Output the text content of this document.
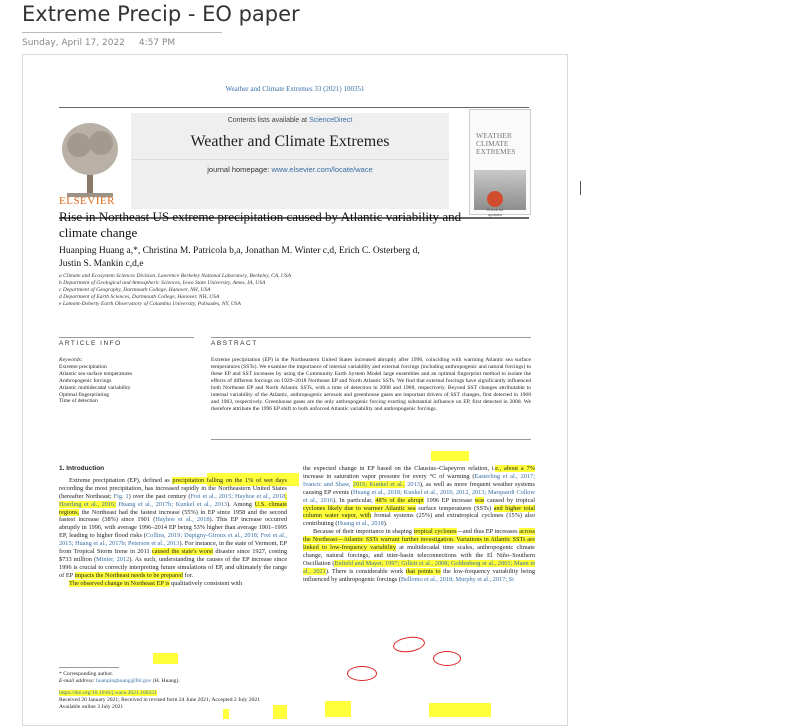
Extreme Precip - EO paper
Sunday, April 17, 2022 4:57 PM
Weather and Climate Extremes 33 (2021) 100351
ELSEVIER
Contents lists available at ScienceDirect
Weather and Climate Extremes
journal homepage: www.elsevier.com/locate/wace
WEATHER
CLIMATE
EXTREMES
Rise in Northeast US extreme precipitation caused by Atlantic variability and climate change
Check for updates
Huanping Huang a,*, Christina M. Patricola b,a, Jonathan M. Winter c,d, Erich C. Osterberg d,
Justin S. Mankin c,d,e
a Climate and Ecosystem Sciences Division, Lawrence Berkeley National Laboratory, Berkeley, CA, USA
b Department of Geological and Atmospheric Sciences, Iowa State University, Ames, IA, USA
c Department of Geography, Dartmouth College, Hanover, NH, USA
d Department of Earth Sciences, Dartmouth College, Hanover, NH, USA
e Lamont-Doherty Earth Observatory of Columbia University, Palisades, NY, USA
ARTICLE INFO	ABSTRACT
Keywords:
Extreme precipitation
Atlantic sea surface temperatures
Anthropogenic forcings
Atlantic multidecadal variability
Optimal fingerprinting
Time of detection
Extreme precipitation (EP) in the Northeastern United States increased abruptly after 1996, coinciding with warming Atlantic sea surface temperatures (SSTs). We examine the importance of internal variability and external forcings (including anthropogenic and natural forcings) to these EP and SST increases by using the Community Earth System Model large ensembles and an optimal fingerprint method to isolate the effects of different forcings on 1929–2018 Northeast EP and North Atlantic SSTs. We find that external forcings have significantly influenced both Northeast EP and North Atlantic SSTs, with a time of detection in 2008 and 1968, respectively. Beyond SST changes attributable to internal variability of the Atlantic, anthropogenic aerosols and greenhouse gases are important drivers of SST changes, first detected in 1968 and 1983, respectively. Greenhouse gases are the only anthropogenic forcing exerting substantial influence on EP, first detected in 2008. We therefore attribute the 1996 EP shift to both unforced Atlantic variability and anthropogenic forcings.
1. Introduction

Extreme precipitation (EP), defined as precipitation falling on the 1% of wet days recording the most precipitation, has increased rapidly in the Northeastern United States (hereafter Northeast; Fig. 1) over the past century (Frei et al., 2015; Hayhoe et al., 2018; Hoerling et al., 2016; Huang et al., 2017b; Kunkel et al., 2013). Among U.S. climate regions, the Northeast had the fastest increase (55%) in EP since 1958 and the second fastest increase (38%) since 1901 (Hayhoe et al., 2018). This EP increase occurred abruptly in 1996, with average 1996–2014 EP being 53% higher than average 1901–1995 EP, leading to higher flood risks (Collins, 2019; Dupigny-Giroux et al., 2018; Frei et al., 2015; Huang et al., 2017b; Peterson et al., 2013). For instance, in the state of Vermont, EP from Tropical Storm Irene in 2011 caused the state's worst disaster since 1927, costing $733 million (Minter, 2012). As such, understanding the causes of the EP increase since 1996 is crucial to correctly interpreting future simulations of EP, and ultimately the range of EP impacts the Northeast needs to be prepared for.

The observed change in Northeast EP is qualitatively consistent with

the expected change in EP based on the Clausius–Clapeyron relation, i.e., about a 7% increase in saturation vapor pressure for every °C of warming (Easterling et al., 2017; Ivancic and Shaw, 2016; Kunkel et al., 2013), as well as more frequent weather systems causing EP events (Huang et al., 2018; Kunkel et al., 2010, 2012, 2013; Marquardt Collow et al., 2016). In particular, 48% of the abrupt 1996 EP increase was caused by tropical cyclones likely due to warmer Atlantic sea surface temperatures (SSTs) and higher total column water vapor, with frontal systems (25%) and extratropical cyclones (15%) also contributing (Huang et al., 2018).

Because of their importance in shaping tropical cyclones—and thus EP increases across the Northeast—Atlantic SSTs warrant further investigation. Variations in Atlantic SSTs are linked to low-frequency variability at multidecadal time scales, anthropogenic climate change, natural forcings, and inter-basin teleconnections with the El Niño–Southern Oscillation (Enfield and Mayer, 1997; Gillett et al., 2008; Goldenberg et al., 2001; Mann et al., 2021). There is considerable work that points to the low-frequency variability being influenced by anthropogenic forcings (Bellomo et al., 2018; Murphy et al., 2017; Si

* Corresponding author.
E-mail address: huanpinghuang@lbl.gov (H. Huang).
https://doi.org/10.1016/j.wace.2021.100351
Received 20 January 2021; Received in revised form 24 June 2021; Accepted 2 July 2021
Available online 3 July 2021
